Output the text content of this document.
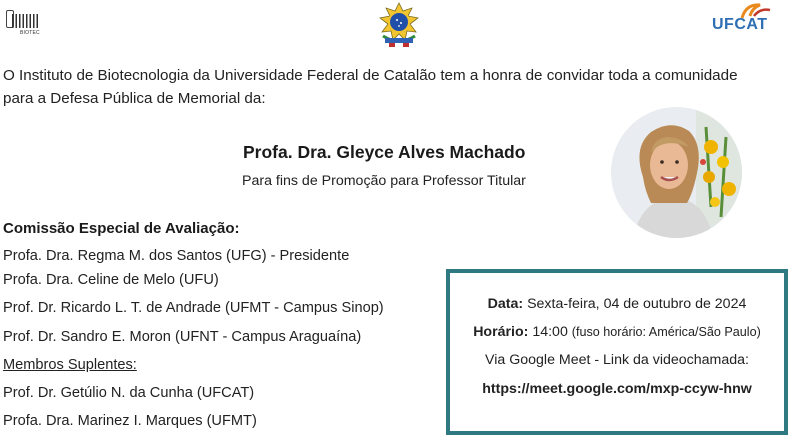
BIOTEC	UFCAT
O Instituto de Biotecnologia da Universidade Federal de Catalão tem a honra de convidar toda a comunidade
para a Defesa Pública de Memorial da:
Profa. Dra. Gleyce Alves Machado
Para fins de Promoção para Professor Titular
Comissão Especial de Avaliação:
Profa. Dra. Regma M. dos Santos (UFG) - Presidente
Profa. Dra. Celine de Melo (UFU)
Prof. Dr. Ricardo L. T. de Andrade (UFMT - Campus Sinop)
Prof. Dr. Sandro E. Moron (UFNT - Campus Araguaína)
Membros Suplentes:
Prof. Dr. Getúlio N. da Cunha (UFCAT)
Profa. Dra. Marinez I. Marques (UFMT)
Data: Sexta-feira, 04 de outubro de 2024
Horário: 14:00 (fuso horário: América/São Paulo)
Via Google Meet - Link da videochamada:
https://meet.google.com/mxp-ccyw-hnw
